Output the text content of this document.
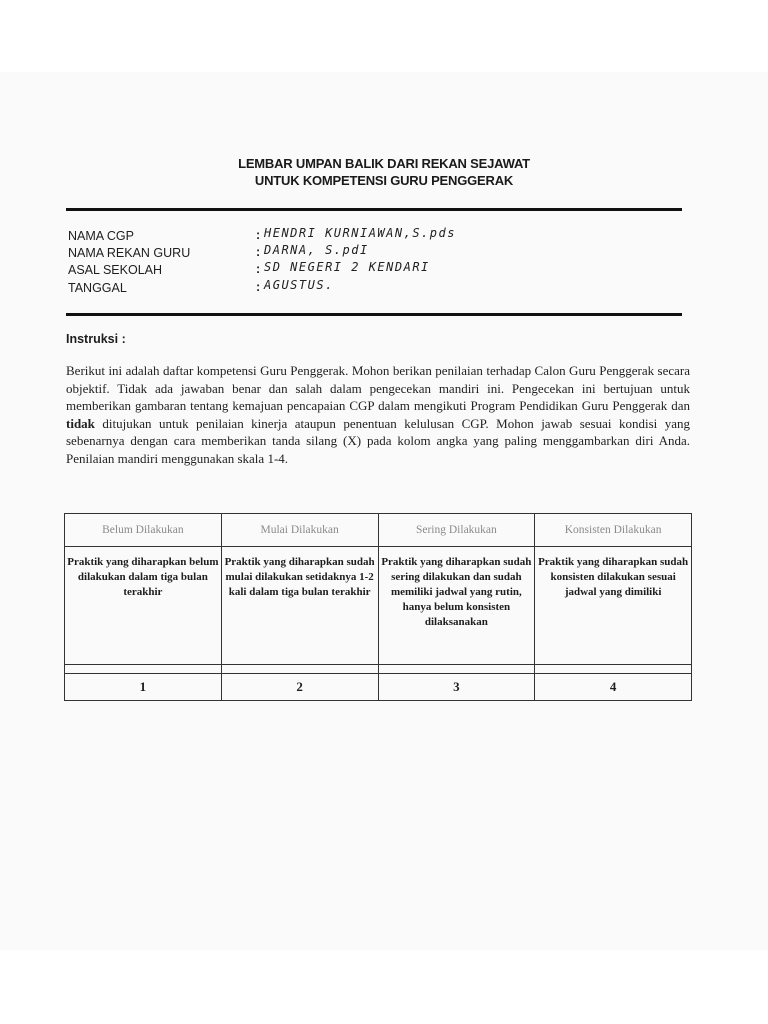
LEMBAR UMPAN BALIK DARI REKAN SEJAWAT
UNTUK KOMPETENSI GURU PENGGERAK
NAMA CGP	: HENDRI KURNIAWAN,S.pds
NAMA REKAN GURU	: DARNA, S.pdI
ASAL SEKOLAH	: SD NEGERI 2 KENDARI
TANGGAL	: AGUSTUS.
Instruksi :
Berikut ini adalah daftar kompetensi Guru Penggerak. Mohon berikan penilaian terhadap Calon Guru Penggerak secara objektif. Tidak ada jawaban benar dan salah dalam pengecekan mandiri ini. Pengecekan ini bertujuan untuk memberikan gambaran tentang kemajuan pencapaian CGP dalam mengikuti Program Pendidikan Guru Penggerak dan tidak ditujukan untuk penilaian kinerja ataupun penentuan kelulusan CGP. Mohon jawab sesuai kondisi yang sebenarnya dengan cara memberikan tanda silang (X) pada kolom angka yang paling menggambarkan diri Anda. Penilaian mandiri menggunakan skala 1-4.
Belum Dilakukan	Mulai Dilakukan	Sering Dilakukan	Konsisten Dilakukan
Praktik yang diharapkan belum dilakukan dalam tiga bulan terakhir	Praktik yang diharapkan sudah mulai dilakukan setidaknya 1-2 kali dalam tiga bulan terakhir	Praktik yang diharapkan sudah sering dilakukan dan sudah memiliki jadwal yang rutin, hanya belum konsisten dilaksanakan	Praktik yang diharapkan sudah konsisten dilakukan sesuai jadwal yang dimiliki

1	2	3	4
